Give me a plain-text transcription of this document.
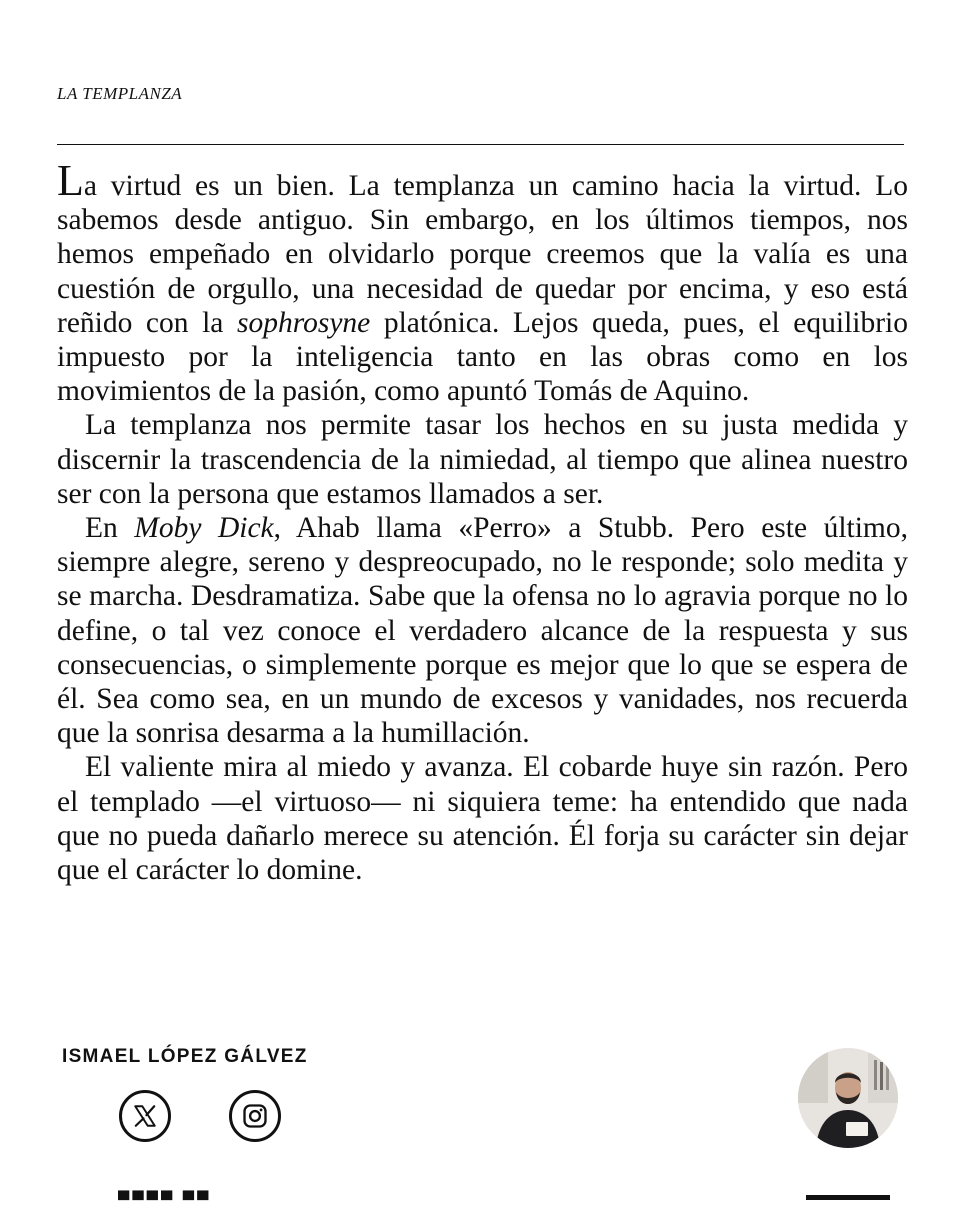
LA TEMPLANZA

La virtud es un bien. La templanza un camino hacia la virtud. Lo sabemos desde antiguo. Sin embargo, en los últimos tiempos, nos hemos empeñado en olvidarlo porque creemos que la valía es una cuestión de orgullo, una necesidad de quedar por encima, y eso está reñido con la sophrosyne platónica. Lejos queda, pues, el equilibrio impuesto por la inteligencia tanto en las obras como en los movimientos de la pasión, como apuntó Tomás de Aquino.

La templanza nos permite tasar los hechos en su justa medida y discernir la trascendencia de la nimiedad, al tiempo que alinea nuestro ser con la persona que estamos llamados a ser.

En Moby Dick, Ahab llama «Perro» a Stubb. Pero este último, siempre alegre, sereno y despreocupado, no le responde; solo medita y se marcha. Desdramatiza. Sabe que la ofensa no lo agravia porque no lo define, o tal vez conoce el verdadero alcance de la respuesta y sus consecuencias, o simplemente porque es mejor que lo que se espera de él. Sea como sea, en un mundo de excesos y vanidades, nos recuerda que la sonrisa desarma a la humillación.

El valiente mira al miedo y avanza. El cobarde huye sin razón. Pero el templado —el virtuoso— ni siquiera teme: ha entendido que nada que no pueda dañarlo merece su atención. Él forja su carácter sin dejar que el carácter lo domine.

ISMAEL LÓPEZ GÁLVEZ
▀▀▀▀ ▀▀
